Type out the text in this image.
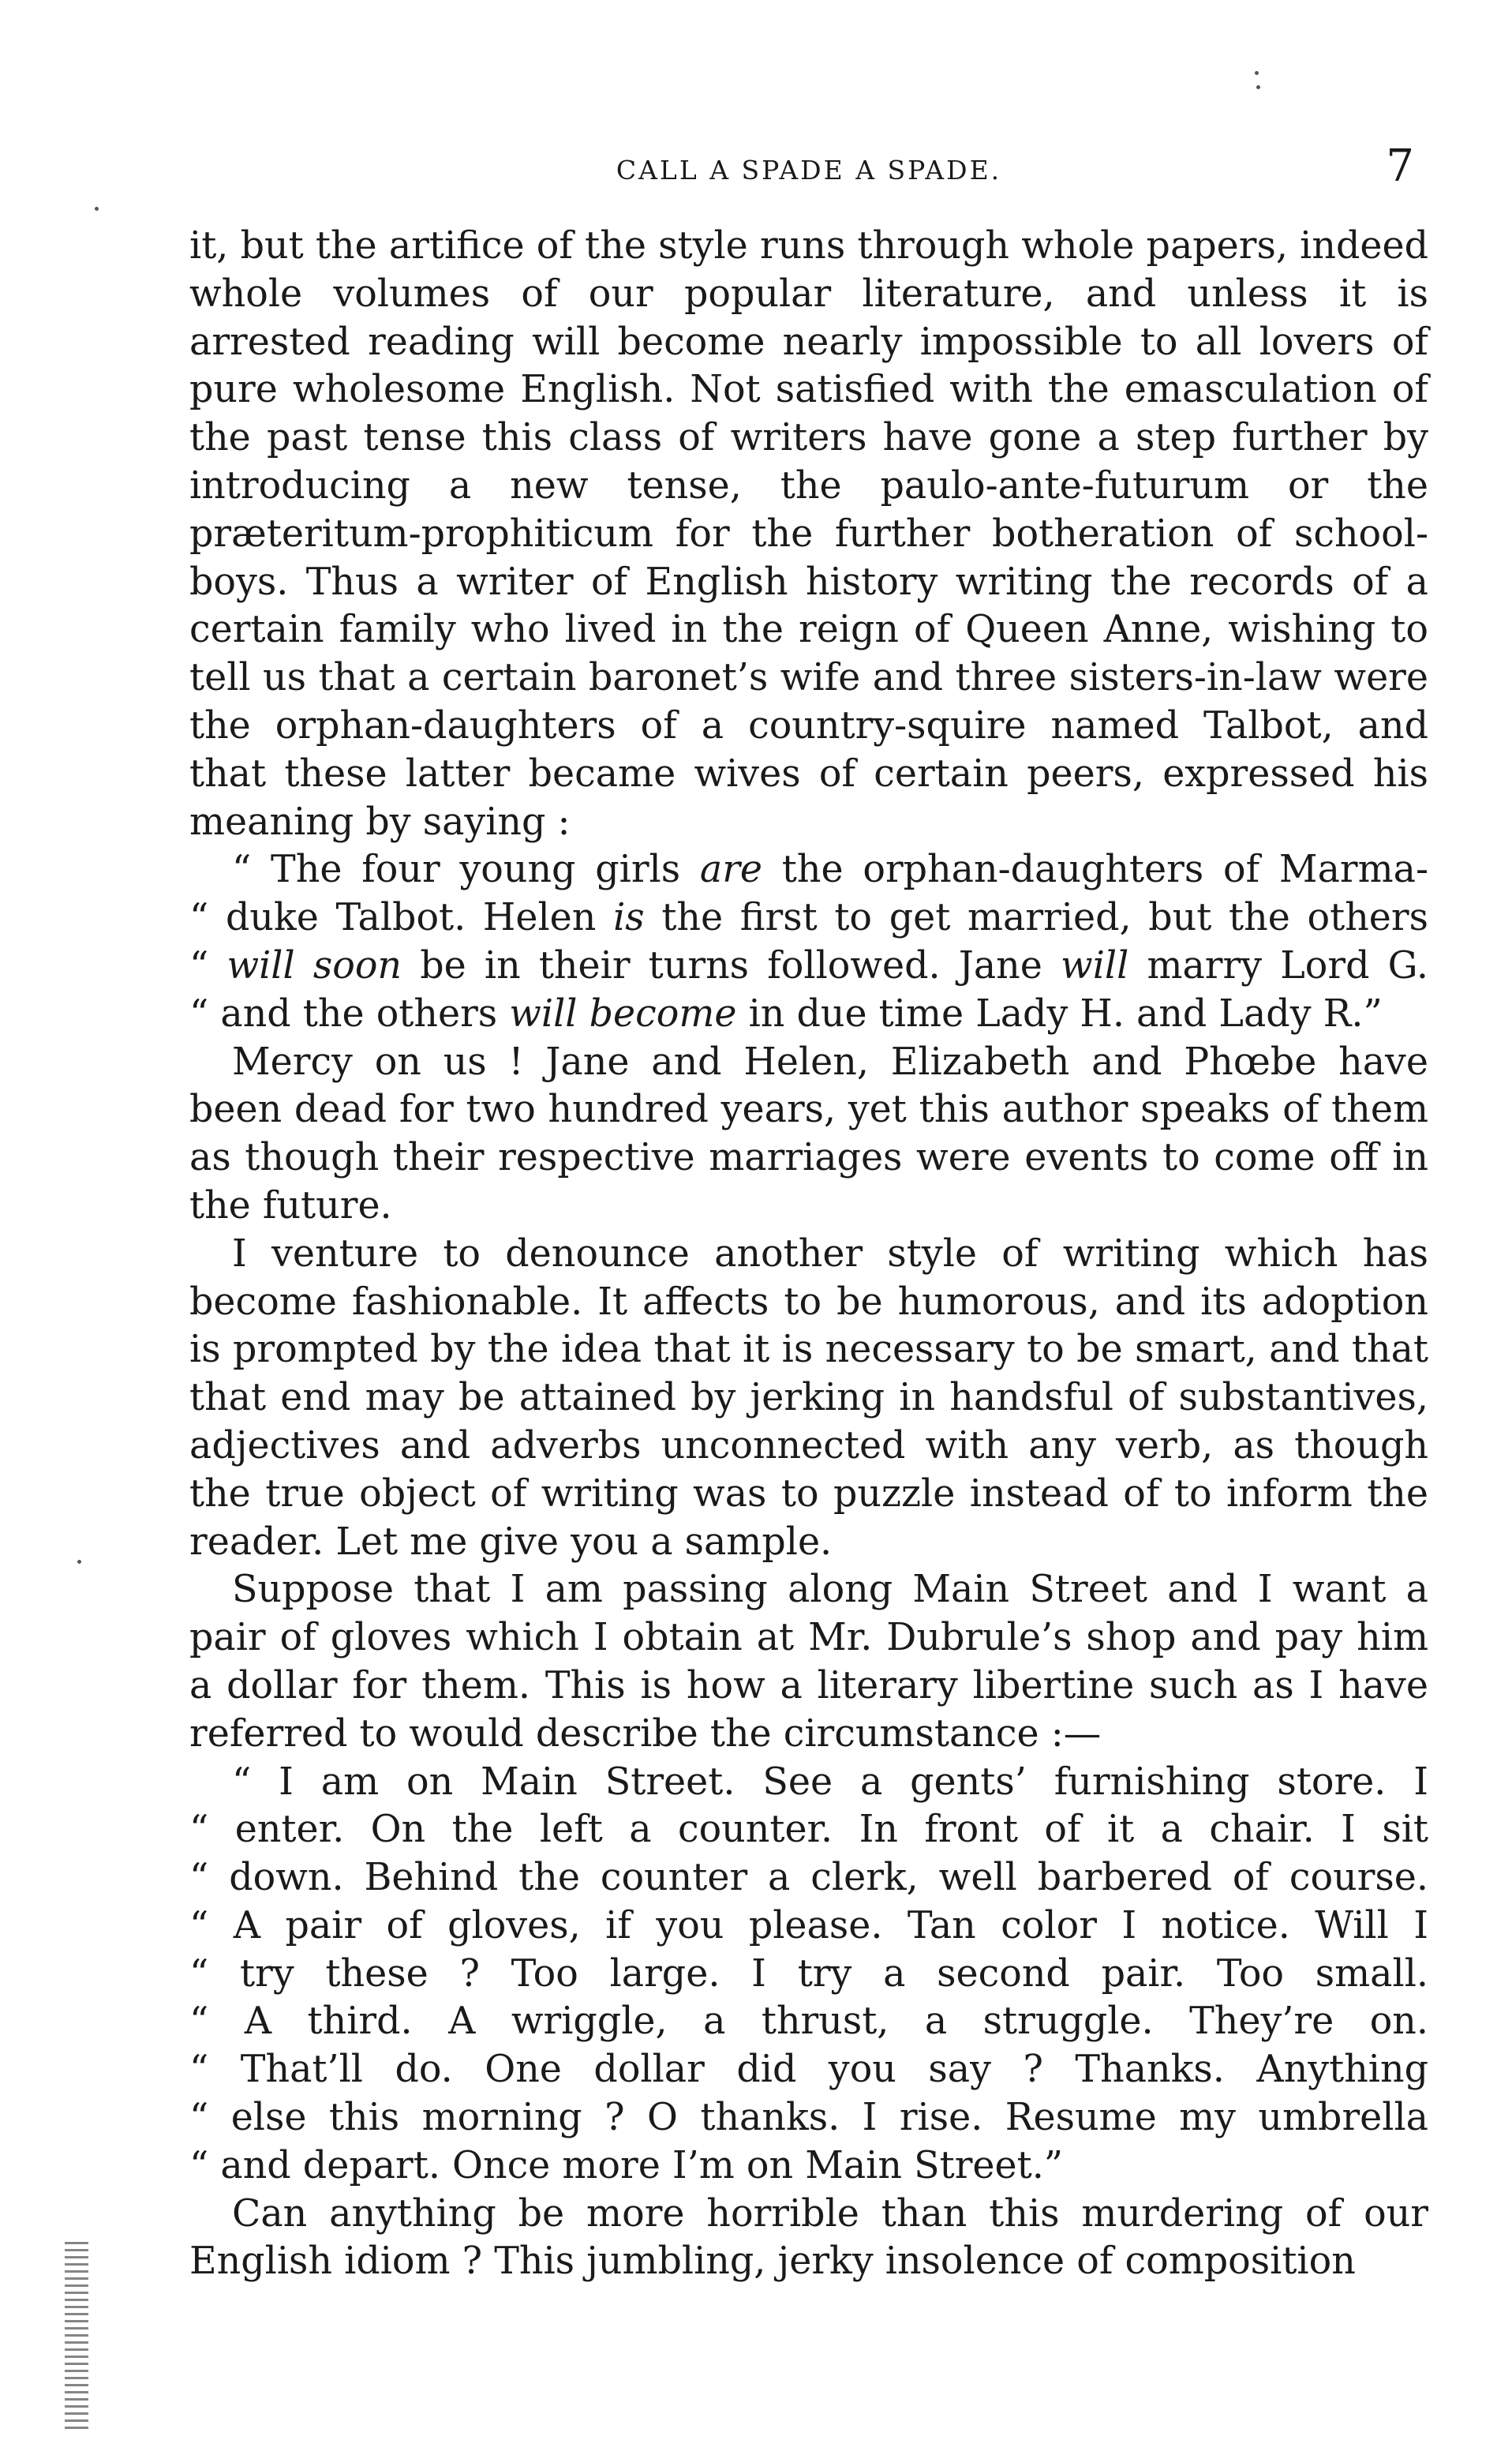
CALL A SPADE A SPADE.	7

it, but the artifice of the style runs through whole papers, indeed whole volumes of our popular literature, and unless it is arrested reading will become nearly impossible to all lovers of pure wholesome English. Not satisfied with the emasculation of the past tense this class of writers have gone a step further by introducing a new tense, the paulo-ante-futurum or the præteritum-prophiticum for the further botheration of school-boys. Thus a writer of English history writing the records of a certain family who lived in the reign of Queen Anne, wishing to tell us that a certain baronet’s wife and three sisters-in-law were the orphan-daughters of a country-squire named Talbot, and that these latter became wives of certain peers, expressed his meaning by saying :

“ The four young girls are the orphan-daughters of Marma-
“ duke Talbot. Helen is the first to get married, but the others
“ will soon be in their turns followed. Jane will marry Lord G.
“ and the others will become in due time Lady H. and Lady R.”

Mercy on us ! Jane and Helen, Elizabeth and Phœbe have been dead for two hundred years, yet this author speaks of them as though their respective marriages were events to come off in the future.

I venture to denounce another style of writing which has become fashionable. It affects to be humorous, and its adoption is prompted by the idea that it is necessary to be smart, and that that end may be attained by jerking in handsful of substantives, adjectives and adverbs unconnected with any verb, as though the true object of writing was to puzzle instead of to inform the reader. Let me give you a sample.

Suppose that I am passing along Main Street and I want a pair of gloves which I obtain at Mr. Dubrule’s shop and pay him a dollar for them. This is how a literary libertine such as I have referred to would describe the circumstance :—

“ I am on Main Street. See a gents’ furnishing store. I
“ enter. On the left a counter. In front of it a chair. I sit
“ down. Behind the counter a clerk, well barbered of course.
“ A pair of gloves, if you please. Tan color I notice. Will I
“ try these ? Too large. I try a second pair. Too small.
“ A third. A wriggle, a thrust, a struggle. They’re on.
“ That’ll do. One dollar did you say ? Thanks. Anything
“ else this morning ? O thanks. I rise. Resume my umbrella
“ and depart. Once more I’m on Main Street.”

Can anything be more horrible than this murdering of our English idiom ? This jumbling, jerky insolence of composition
